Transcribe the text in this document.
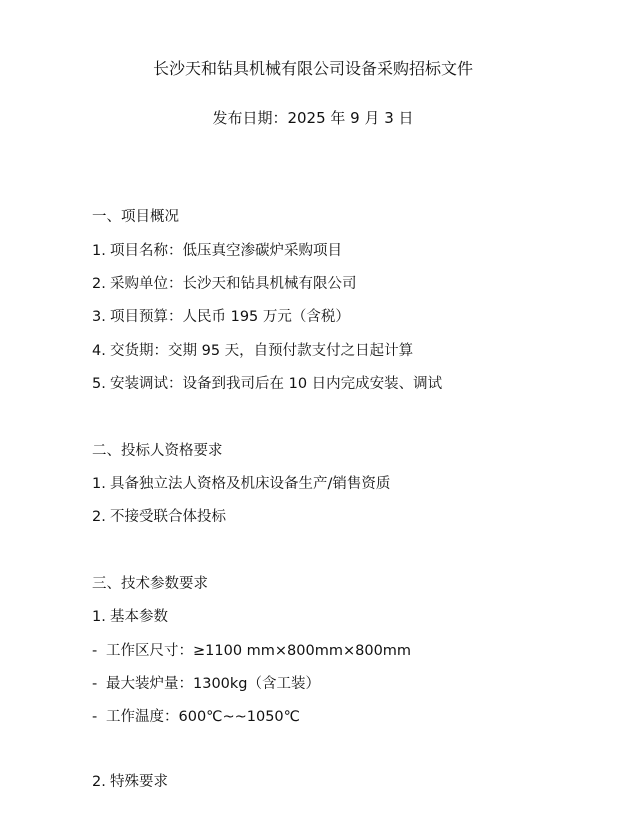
长沙天和钻具机械有限公司设备采购招标文件
发布日期：2025 年 9 月 3 日
一、项目概况
1. 项目名称：低压真空渗碳炉采购项目
2. 采购单位：长沙天和钻具机械有限公司
3. 项目预算：人民币 195 万元（含税）
4. 交货期：交期 95 天，自预付款支付之日起计算
5. 安装调试：设备到我司后在 10 日内完成安装、调试
二、投标人资格要求
1. 具备独立法人资格及机床设备生产/销售资质
2. 不接受联合体投标
三、技术参数要求
1. 基本参数
- 工作区尺寸：≥1100 mm×800mm×800mm
- 最大装炉量：1300kg（含工装）
- 工作温度：600℃~~1050℃
2. 特殊要求
